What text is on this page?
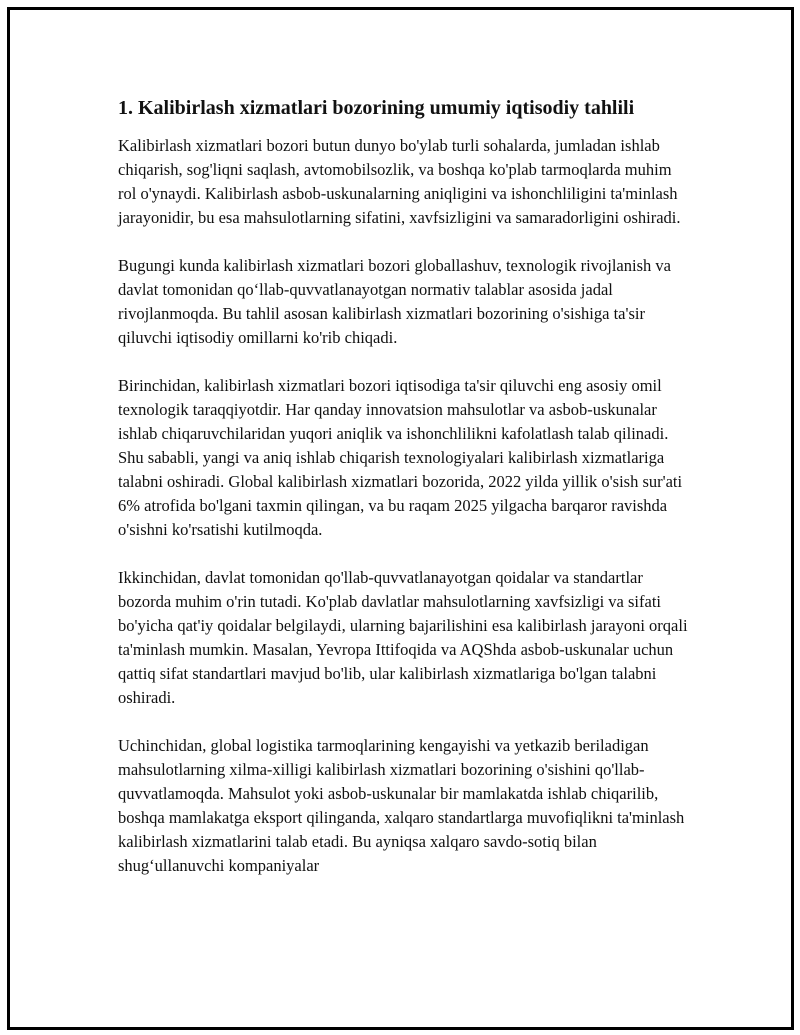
1. Kalibirlash xizmatlari bozorining umumiy iqtisodiy tahlili

Kalibirlash xizmatlari bozori butun dunyo bo'ylab turli sohalarda, jumladan ishlab chiqarish, sog'liqni saqlash, avtomobilsozlik, va boshqa ko'plab tarmoqlarda muhim rol o'ynaydi. Kalibirlash asbob-uskunalarning aniqligini va ishonchliligini ta'minlash jarayonidir, bu esa mahsulotlarning sifatini, xavfsizligini va samaradorligini oshiradi.

Bugungi kunda kalibirlash xizmatlari bozori globallashuv, texnologik rivojlanish va davlat tomonidan qo‘llab-quvvatlanayotgan normativ talablar asosida jadal rivojlanmoqda. Bu tahlil asosan kalibirlash xizmatlari bozorining o'sishiga ta'sir qiluvchi iqtisodiy omillarni ko'rib chiqadi.

Birinchidan, kalibirlash xizmatlari bozori iqtisodiga ta'sir qiluvchi eng asosiy omil texnologik taraqqiyotdir. Har qanday innovatsion mahsulotlar va asbob-uskunalar ishlab chiqaruvchilaridan yuqori aniqlik va ishonchlilikni kafolatlash talab qilinadi. Shu sababli, yangi va aniq ishlab chiqarish texnologiyalari kalibirlash xizmatlariga talabni oshiradi. Global kalibirlash xizmatlari bozorida, 2022 yilda yillik o'sish sur'ati 6% atrofida bo'lgani taxmin qilingan, va bu raqam 2025 yilgacha barqaror ravishda o'sishni ko'rsatishi kutilmoqda.

Ikkinchidan, davlat tomonidan qo'llab-quvvatlanayotgan qoidalar va standartlar bozorda muhim o'rin tutadi. Ko'plab davlatlar mahsulotlarning xavfsizligi va sifati bo'yicha qat'iy qoidalar belgilaydi, ularning bajarilishini esa kalibirlash jarayoni orqali ta'minlash mumkin. Masalan, Yevropa Ittifoqida va AQShda asbob-uskunalar uchun qattiq sifat standartlari mavjud bo'lib, ular kalibirlash xizmatlariga bo'lgan talabni oshiradi.

Uchinchidan, global logistika tarmoqlarining kengayishi va yetkazib beriladigan mahsulotlarning xilma-xilligi kalibirlash xizmatlari bozorining o'sishini qo'llab-quvvatlamoqda. Mahsulot yoki asbob-uskunalar bir mamlakatda ishlab chiqarilib, boshqa mamlakatga eksport qilinganda, xalqaro standartlarga muvofiqlikni ta'minlash kalibirlash xizmatlarini talab etadi. Bu ayniqsa xalqaro savdo-sotiq bilan shug‘ullanuvchi kompaniyalar
